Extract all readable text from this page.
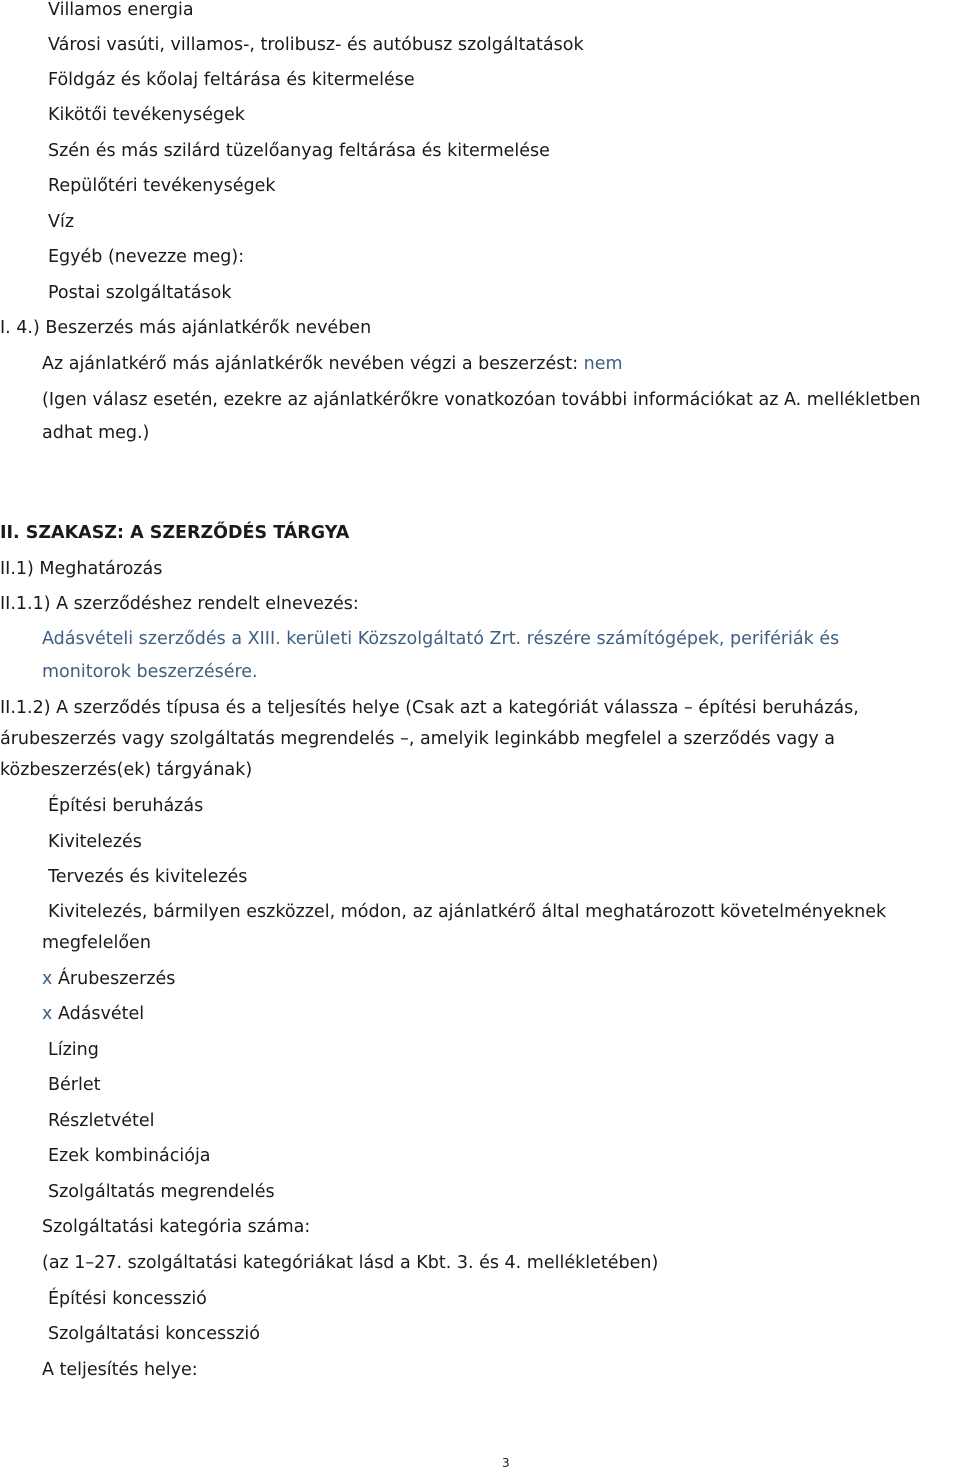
Villamos energia
Városi vasúti, villamos-, trolibusz- és autóbusz szolgáltatások
Földgáz és kőolaj feltárása és kitermelése
Kikötői tevékenységek
Szén és más szilárd tüzelőanyag feltárása és kitermelése
Repülőtéri tevékenységek
Víz
Egyéb (nevezze meg):
Postai szolgáltatások
I. 4.) Beszerzés más ajánlatkérők nevében
Az ajánlatkérő más ajánlatkérők nevében végzi a beszerzést: nem
(Igen válasz esetén, ezekre az ajánlatkérőkre vonatkozóan további információkat az A. mellékletben
adhat meg.)
II. SZAKASZ: A SZERZŐDÉS TÁRGYA
II.1) Meghatározás
II.1.1) A szerződéshez rendelt elnevezés:
Adásvételi szerződés a XIII. kerületi Közszolgáltató Zrt. részére számítógépek, perifériák és
monitorok beszerzésére.
II.1.2) A szerződés típusa és a teljesítés helye (Csak azt a kategóriát válassza – építési beruházás,
árubeszerzés vagy szolgáltatás megrendelés –, amelyik leginkább megfelel a szerződés vagy a
közbeszerzés(ek) tárgyának)
Építési beruházás
Kivitelezés
Tervezés és kivitelezés
Kivitelezés, bármilyen eszközzel, módon, az ajánlatkérő által meghatározott követelményeknek
megfelelően
x Árubeszerzés
x Adásvétel
Lízing
Bérlet
Részletvétel
Ezek kombinációja
Szolgáltatás megrendelés
Szolgáltatási kategória száma:
(az 1–27. szolgáltatási kategóriákat lásd a Kbt. 3. és 4. mellékletében)
Építési koncesszió
Szolgáltatási koncesszió
A teljesítés helye:
3
